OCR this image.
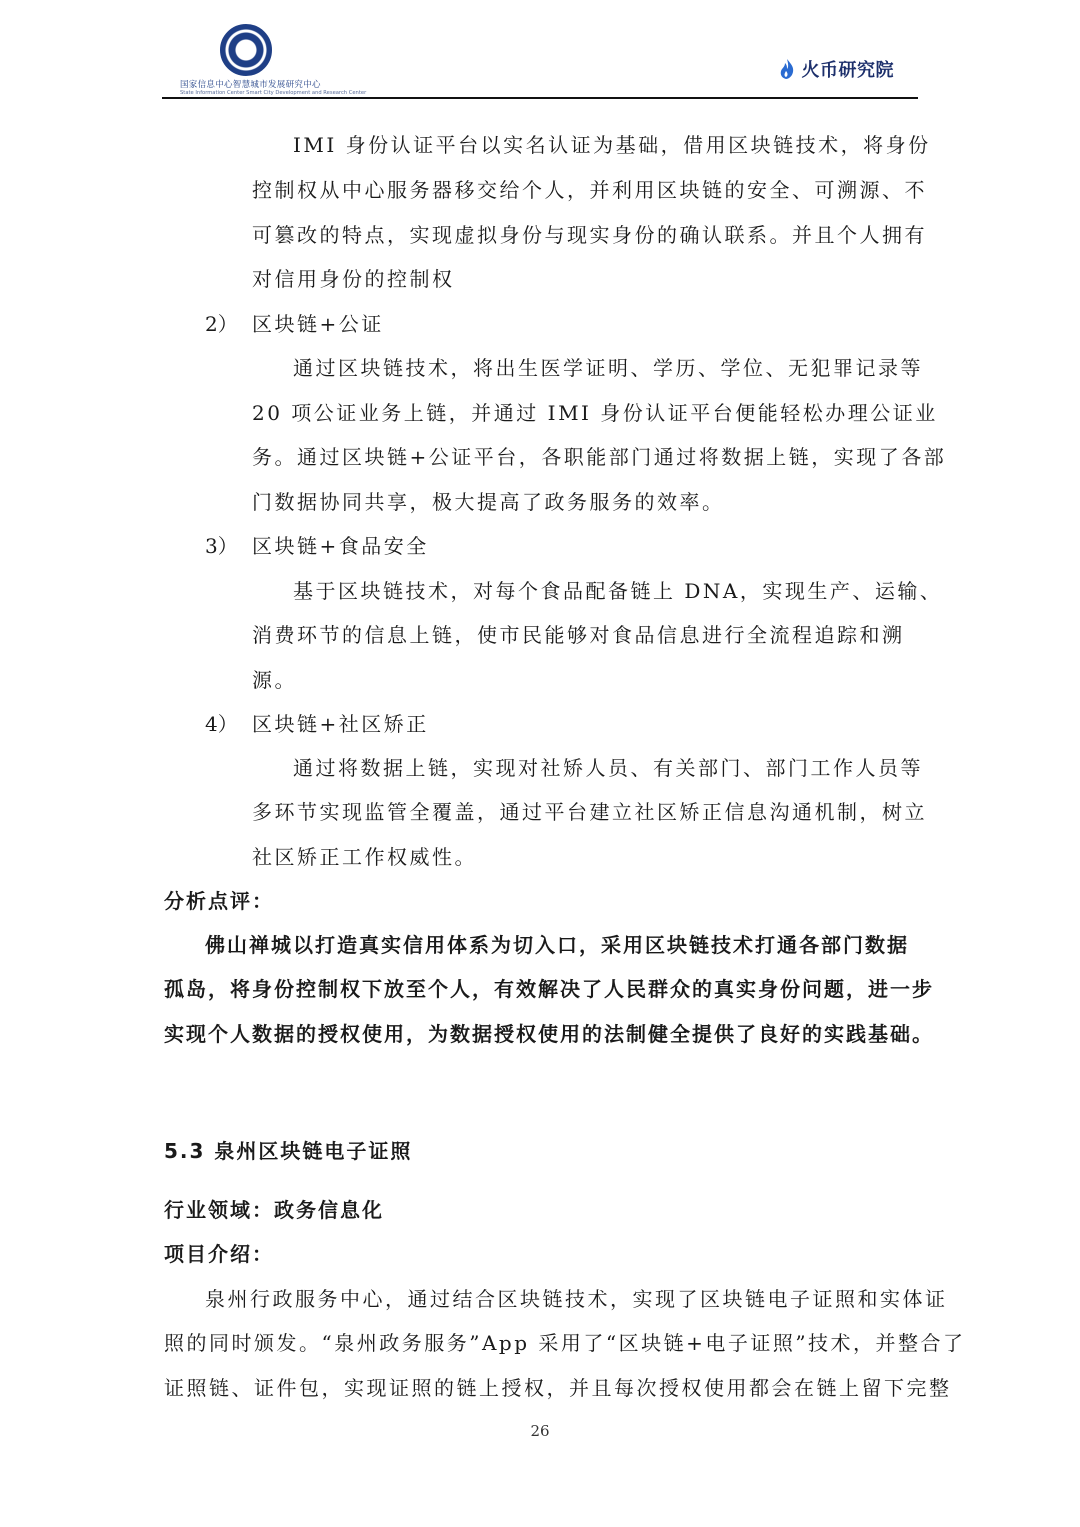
S
国家信息中心智慧城市发展研究中心
State Information Center Smart City Development and Research Center
火币研究院
IMI 身份认证平台以实名认证为基础，借用区块链技术，将身份
控制权从中心服务器移交给个人，并利用区块链的安全、可溯源、不
可篡改的特点，实现虚拟身份与现实身份的确认联系。并且个人拥有
对信用身份的控制权
2） 区块链+公证
通过区块链技术，将出生医学证明、学历、学位、无犯罪记录等
20 项公证业务上链，并通过 IMI 身份认证平台便能轻松办理公证业
务。通过区块链+公证平台，各职能部门通过将数据上链，实现了各部
门数据协同共享，极大提高了政务服务的效率。
3） 区块链+食品安全
基于区块链技术，对每个食品配备链上 DNA，实现生产、运输、
消费环节的信息上链，使市民能够对食品信息进行全流程追踪和溯
源。
4） 区块链+社区矫正
通过将数据上链，实现对社矫人员、有关部门、部门工作人员等
多环节实现监管全覆盖，通过平台建立社区矫正信息沟通机制，树立
社区矫正工作权威性。
分析点评：
佛山禅城以打造真实信用体系为切入口，采用区块链技术打通各部门数据
孤岛，将身份控制权下放至个人，有效解决了人民群众的真实身份问题，进一步
实现个人数据的授权使用，为数据授权使用的法制健全提供了良好的实践基础。
5.3 泉州区块链电子证照
行业领域：政务信息化
项目介绍：
泉州行政服务中心，通过结合区块链技术，实现了区块链电子证照和实体证
照的同时颁发。“泉州政务服务”App 采用了“区块链+电子证照”技术，并整合了
证照链、证件包，实现证照的链上授权，并且每次授权使用都会在链上留下完整
26
